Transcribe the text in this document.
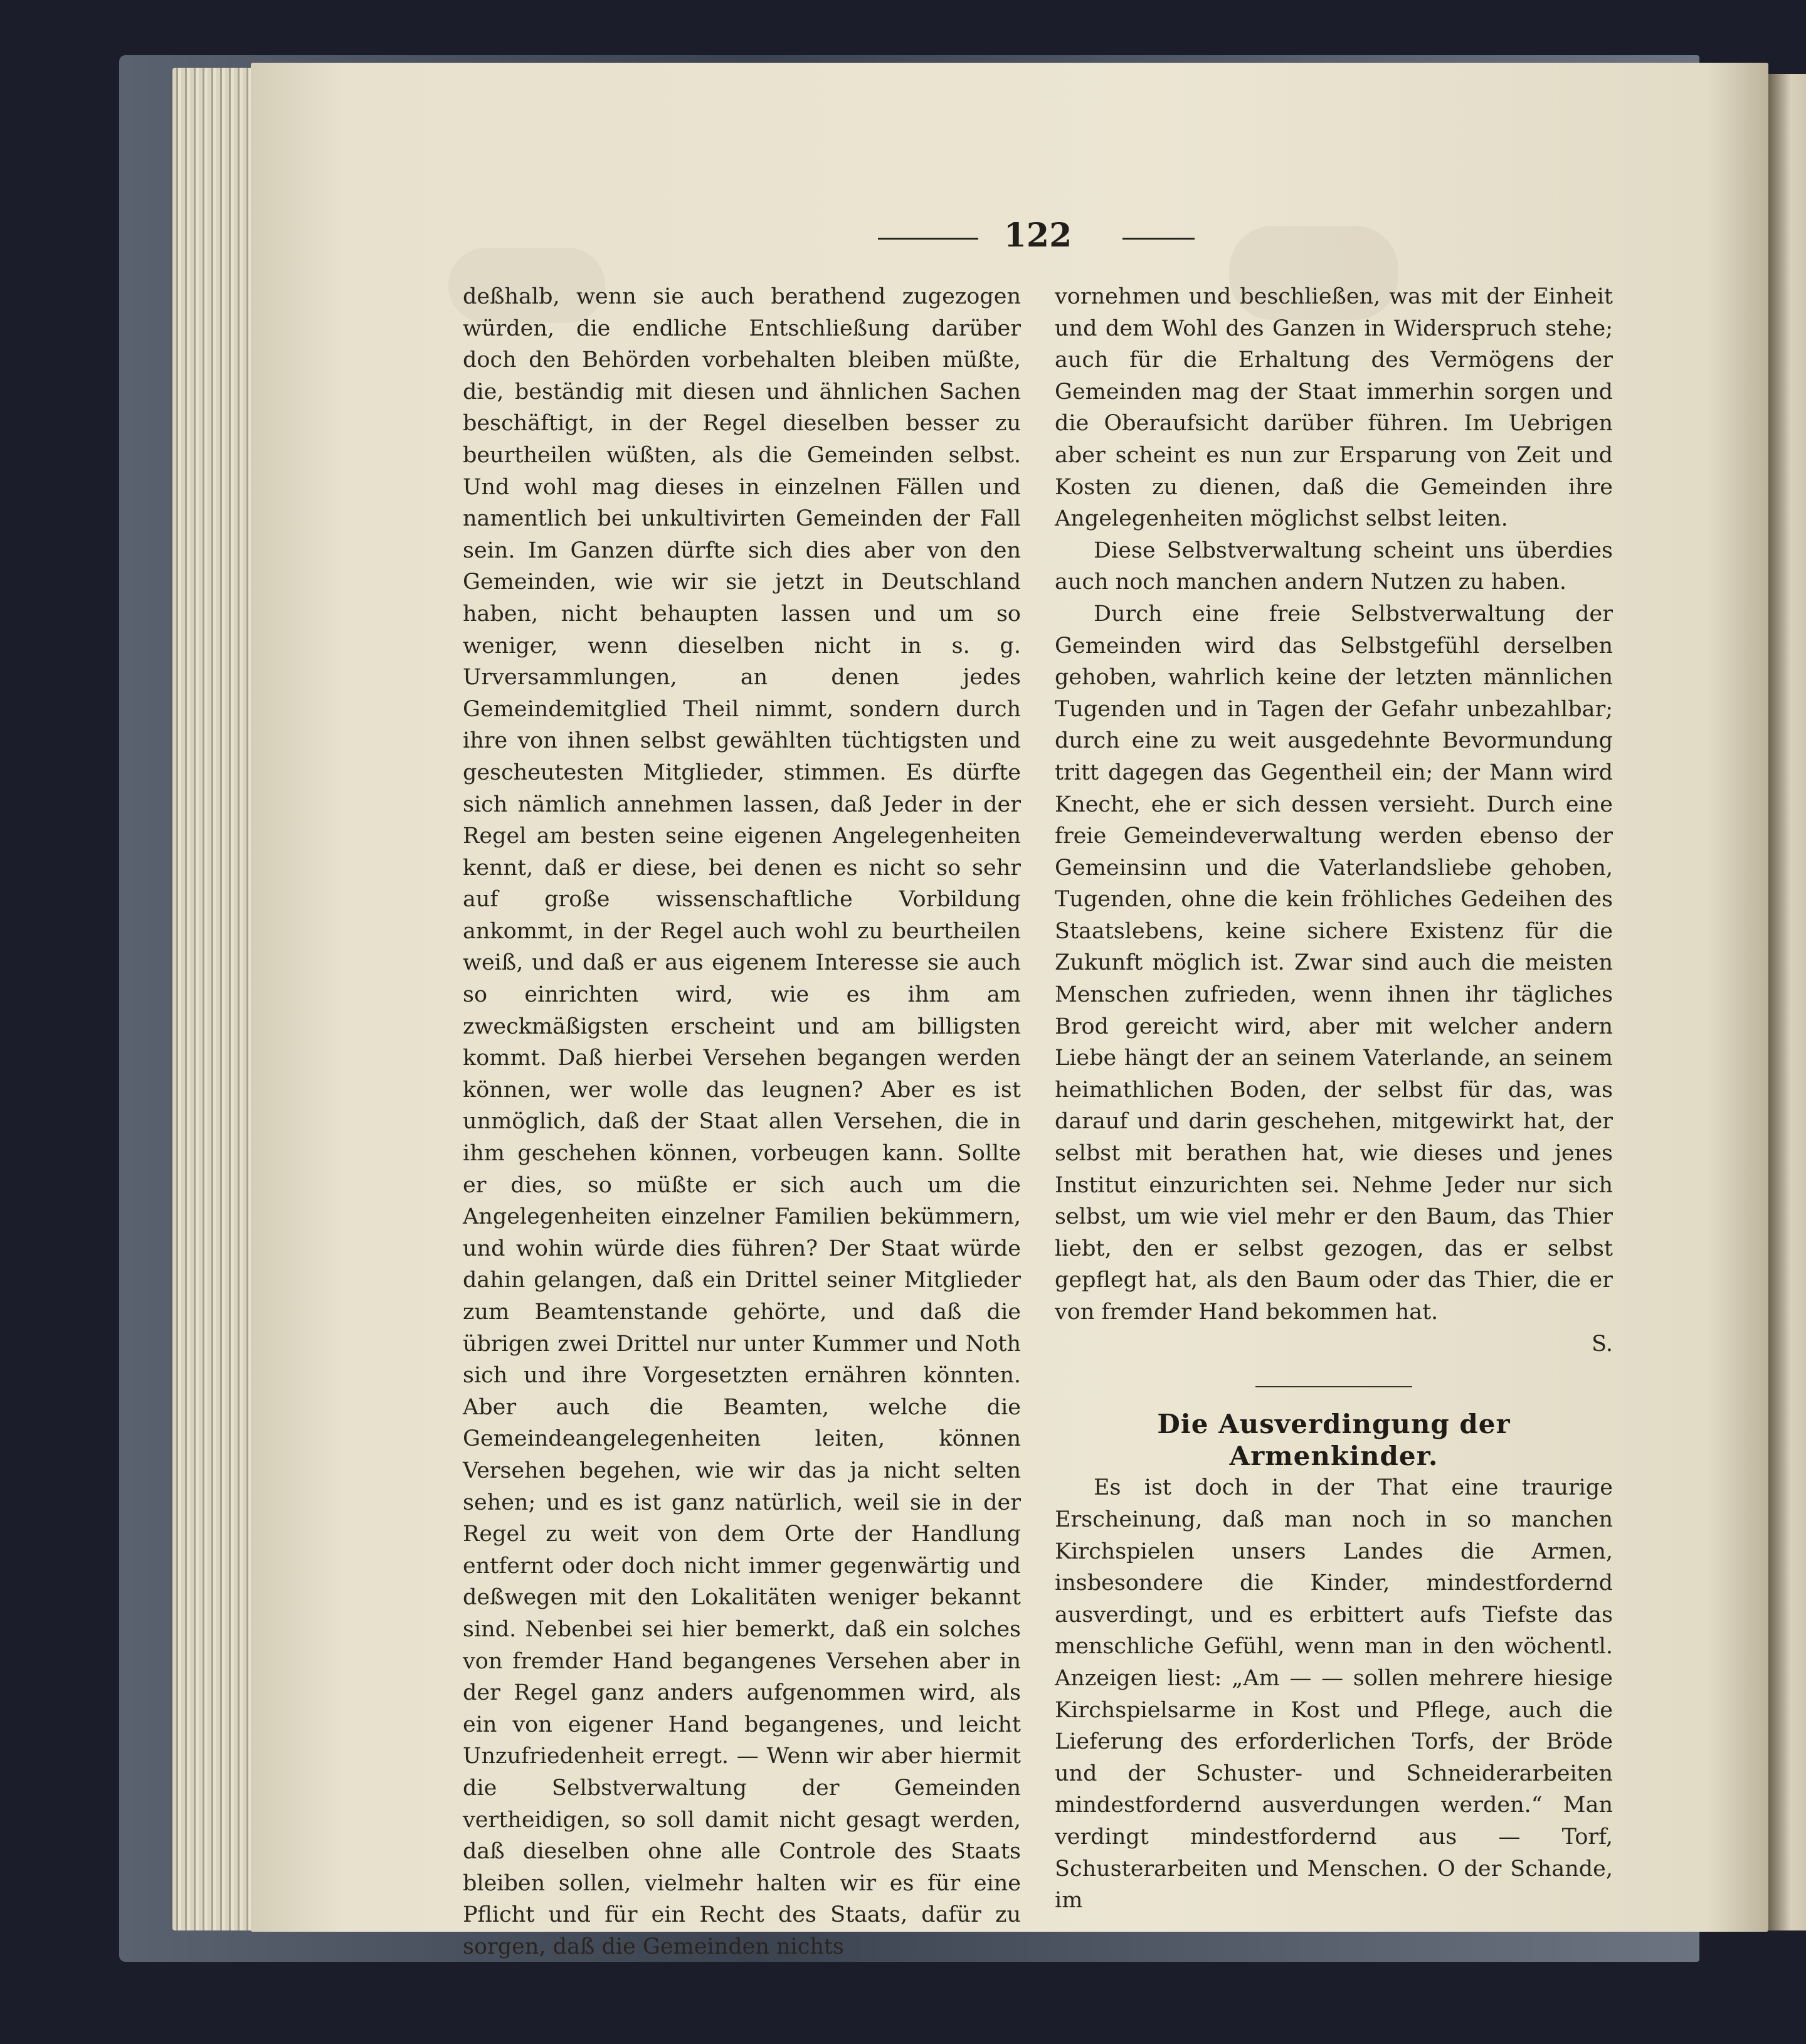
122

deßhalb, wenn sie auch berathend zugezogen würden, die endliche Entschließung darüber doch den Behörden vorbehalten bleiben müßte, die, beständig mit diesen und ähnlichen Sachen beschäftigt, in der Regel dieselben besser zu beurtheilen wüßten, als die Gemeinden selbst. Und wohl mag dieses in einzelnen Fällen und namentlich bei unkultivirten Gemeinden der Fall sein. Im Ganzen dürfte sich dies aber von den Gemeinden, wie wir sie jetzt in Deutschland haben, nicht behaupten lassen und um so weniger, wenn dieselben nicht in s. g. Urversammlungen, an denen jedes Gemeindemitglied Theil nimmt, sondern durch ihre von ihnen selbst gewählten tüchtigsten und gescheutesten Mitglieder, stimmen. Es dürfte sich nämlich annehmen lassen, daß Jeder in der Regel am besten seine eigenen Angelegenheiten kennt, daß er diese, bei denen es nicht so sehr auf große wissenschaftliche Vorbildung ankommt, in der Regel auch wohl zu beurtheilen weiß, und daß er aus eigenem Interesse sie auch so einrichten wird, wie es ihm am zweckmäßigsten erscheint und am billigsten kommt. Daß hierbei Versehen begangen werden können, wer wolle das leugnen? Aber es ist unmöglich, daß der Staat allen Versehen, die in ihm geschehen können, vorbeugen kann. Sollte er dies, so müßte er sich auch um die Angelegenheiten einzelner Familien bekümmern, und wohin würde dies führen? Der Staat würde dahin gelangen, daß ein Drittel seiner Mitglieder zum Beamtenstande gehörte, und daß die übrigen zwei Drittel nur unter Kummer und Noth sich und ihre Vorgesetzten ernähren könnten. Aber auch die Beamten, welche die Gemeindeangelegenheiten leiten, können Versehen begehen, wie wir das ja nicht selten sehen; und es ist ganz natürlich, weil sie in der Regel zu weit von dem Orte der Handlung entfernt oder doch nicht immer gegenwärtig und deßwegen mit den Lokalitäten weniger bekannt sind. Nebenbei sei hier bemerkt, daß ein solches von fremder Hand begangenes Versehen aber in der Regel ganz anders aufgenommen wird, als ein von eigener Hand begangenes, und leicht Unzufriedenheit erregt. — Wenn wir aber hiermit die Selbstverwaltung der Gemeinden vertheidigen, so soll damit nicht gesagt werden, daß dieselben ohne alle Controle des Staats bleiben sollen, vielmehr halten wir es für eine Pflicht und für ein Recht des Staats, dafür zu sorgen, daß die Gemeinden nichts

vornehmen und beschließen, was mit der Einheit und dem Wohl des Ganzen in Widerspruch stehe; auch für die Erhaltung des Vermögens der Gemeinden mag der Staat immerhin sorgen und die Oberaufsicht darüber führen. Im Uebrigen aber scheint es nun zur Ersparung von Zeit und Kosten zu dienen, daß die Gemeinden ihre Angelegenheiten möglichst selbst leiten.

Diese Selbstverwaltung scheint uns überdies auch noch manchen andern Nutzen zu haben.

Durch eine freie Selbstverwaltung der Gemeinden wird das Selbstgefühl derselben gehoben, wahrlich keine der letzten männlichen Tugenden und in Tagen der Gefahr unbezahlbar; durch eine zu weit ausgedehnte Bevormundung tritt dagegen das Gegentheil ein; der Mann wird Knecht, ehe er sich dessen versieht. Durch eine freie Gemeindeverwaltung werden ebenso der Gemeinsinn und die Vaterlandsliebe gehoben, Tugenden, ohne die kein fröhliches Gedeihen des Staatslebens, keine sichere Existenz für die Zukunft möglich ist. Zwar sind auch die meisten Menschen zufrieden, wenn ihnen ihr tägliches Brod gereicht wird, aber mit welcher andern Liebe hängt der an seinem Vaterlande, an seinem heimathlichen Boden, der selbst für das, was darauf und darin geschehen, mitgewirkt hat, der selbst mit berathen hat, wie dieses und jenes Institut einzurichten sei. Nehme Jeder nur sich selbst, um wie viel mehr er den Baum, das Thier liebt, den er selbst gezogen, das er selbst gepflegt hat, als den Baum oder das Thier, die er von fremder Hand bekommen hat.

S.

Die Ausverdingung der Armenkinder.

Es ist doch in der That eine traurige Erscheinung, daß man noch in so manchen Kirchspielen unsers Landes die Armen, insbesondere die Kinder, mindestfordernd ausverdingt, und es erbittert aufs Tiefste das menschliche Gefühl, wenn man in den wöchentl. Anzeigen liest: „Am — — sollen mehrere hiesige Kirchspielsarme in Kost und Pflege, auch die Lieferung des erforderlichen Torfs, der Bröde und der Schuster- und Schneiderarbeiten mindestfordernd ausverdungen werden.“ Man verdingt mindestfordernd aus — Torf, Schusterarbeiten und Menschen. O der Schande, im
